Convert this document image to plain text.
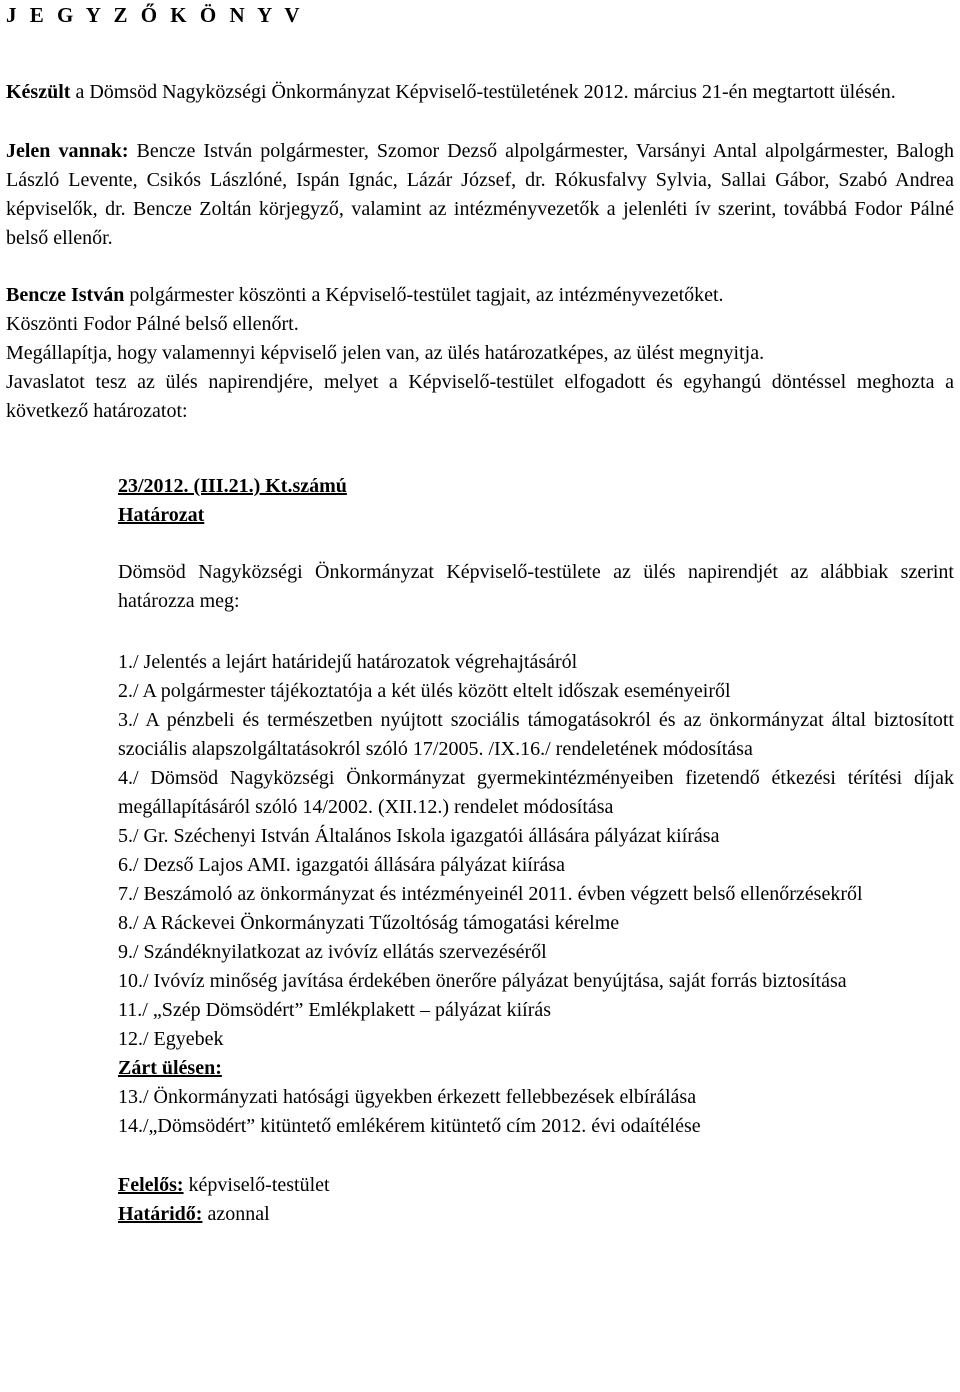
J E G Y Z Ő K Ö N Y V

Készült a Dömsöd Nagyközségi Önkormányzat Képviselő-testületének 2012. március 21-én megtartott ülésén.

Jelen vannak: Bencze István polgármester, Szomor Dezső alpolgármester, Varsányi Antal alpolgármester, Balogh László Levente, Csikós Lászlóné, Ispán Ignác, Lázár József, dr. Rókusfalvy Sylvia, Sallai Gábor, Szabó Andrea képviselők, dr. Bencze Zoltán körjegyző, valamint az intézményvezetők a jelenléti ív szerint, továbbá Fodor Pálné belső ellenőr.

Bencze István polgármester köszönti a Képviselő-testület tagjait, az intézményvezetőket.

Köszönti Fodor Pálné belső ellenőrt.

Megállapítja, hogy valamennyi képviselő jelen van, az ülés határozatképes, az ülést megnyitja.

Javaslatot tesz az ülés napirendjére, melyet a Képviselő-testület elfogadott és egyhangú döntéssel meghozta a következő határozatot:

23/2012. (III.21.) Kt.számú

Határozat

Dömsöd Nagyközségi Önkormányzat Képviselő-testülete az ülés napirendjét az alábbiak szerint határozza meg:

1./ Jelentés a lejárt határidejű határozatok végrehajtásáról

2./ A polgármester tájékoztatója a két ülés között eltelt időszak eseményeiről

3./ A pénzbeli és természetben nyújtott szociális támogatásokról és az önkormányzat által biztosított szociális alapszolgáltatásokról szóló 17/2005. /IX.16./ rendeletének módosítása

4./ Dömsöd Nagyközségi Önkormányzat gyermekintézményeiben fizetendő étkezési térítési díjak megállapításáról szóló 14/2002. (XII.12.) rendelet módosítása

5./ Gr. Széchenyi István Általános Iskola igazgatói állására pályázat kiírása

6./ Dezső Lajos AMI. igazgatói állására pályázat kiírása

7./ Beszámoló az önkormányzat és intézményeinél 2011. évben végzett belső ellenőrzésekről

8./ A Ráckevei Önkormányzati Tűzoltóság támogatási kérelme

9./ Szándéknyilatkozat az ivóvíz ellátás szervezéséről

10./ Ivóvíz minőség javítása érdekében önerőre pályázat benyújtása, saját forrás biztosítása

11./ „Szép Dömsödért” Emlékplakett – pályázat kiírás

12./ Egyebek

Zárt ülésen:

13./ Önkormányzati hatósági ügyekben érkezett fellebbezések elbírálása

14./„Dömsödért” kitüntető emlékérem kitüntető cím 2012. évi odaítélése

Felelős: képviselő-testület

Határidő: azonnal
